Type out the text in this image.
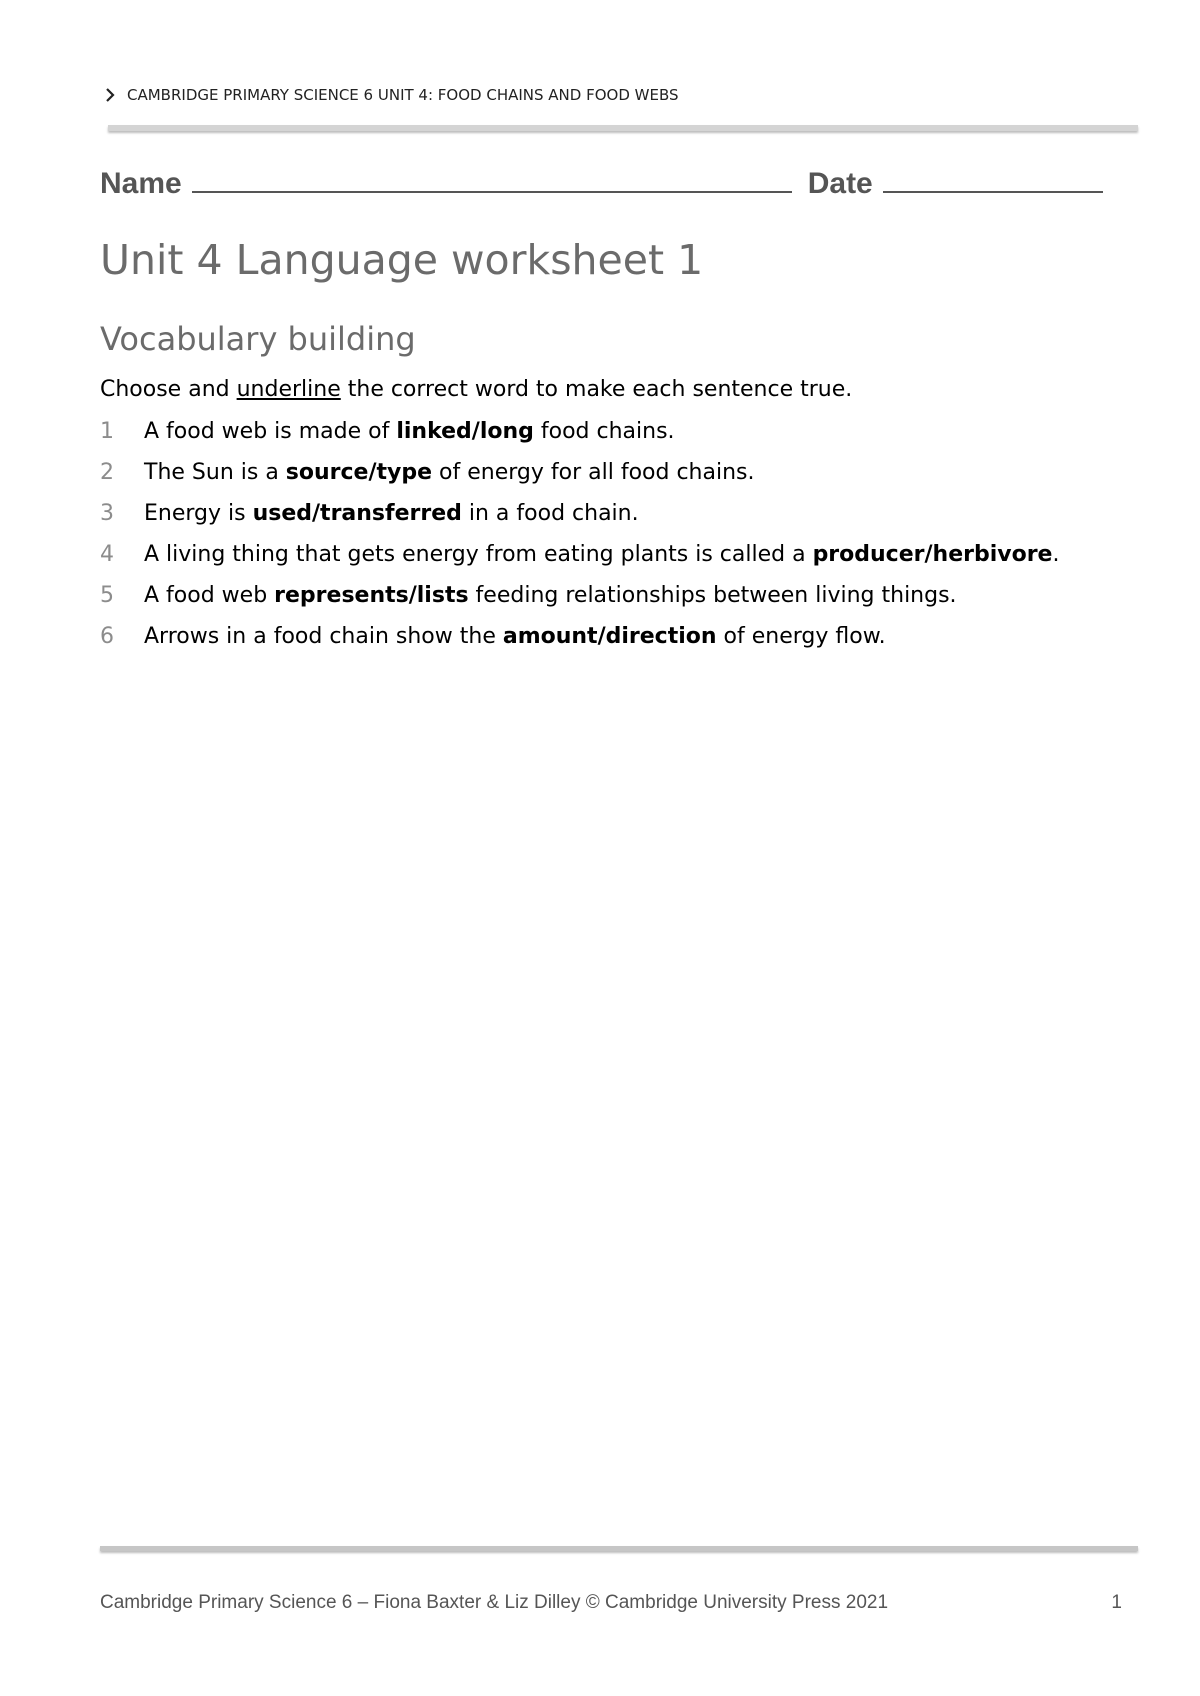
CAMBRIDGE PRIMARY SCIENCE 6 UNIT 4: FOOD CHAINS AND FOOD WEBS
Name	Date
Unit 4 Language worksheet 1
Vocabulary building
Choose and underline the correct word to make each sentence true.
1	A food web is made of linked/long food chains.
2	The Sun is a source/type of energy for all food chains.
3	Energy is used/transferred in a food chain.
4	A living thing that gets energy from eating plants is called a producer/herbivore.
5	A food web represents/lists feeding relationships between living things.
6	Arrows in a food chain show the amount/direction of energy flow.
Cambridge Primary Science 6 – Fiona Baxter & Liz Dilley © Cambridge University Press 2021	1
